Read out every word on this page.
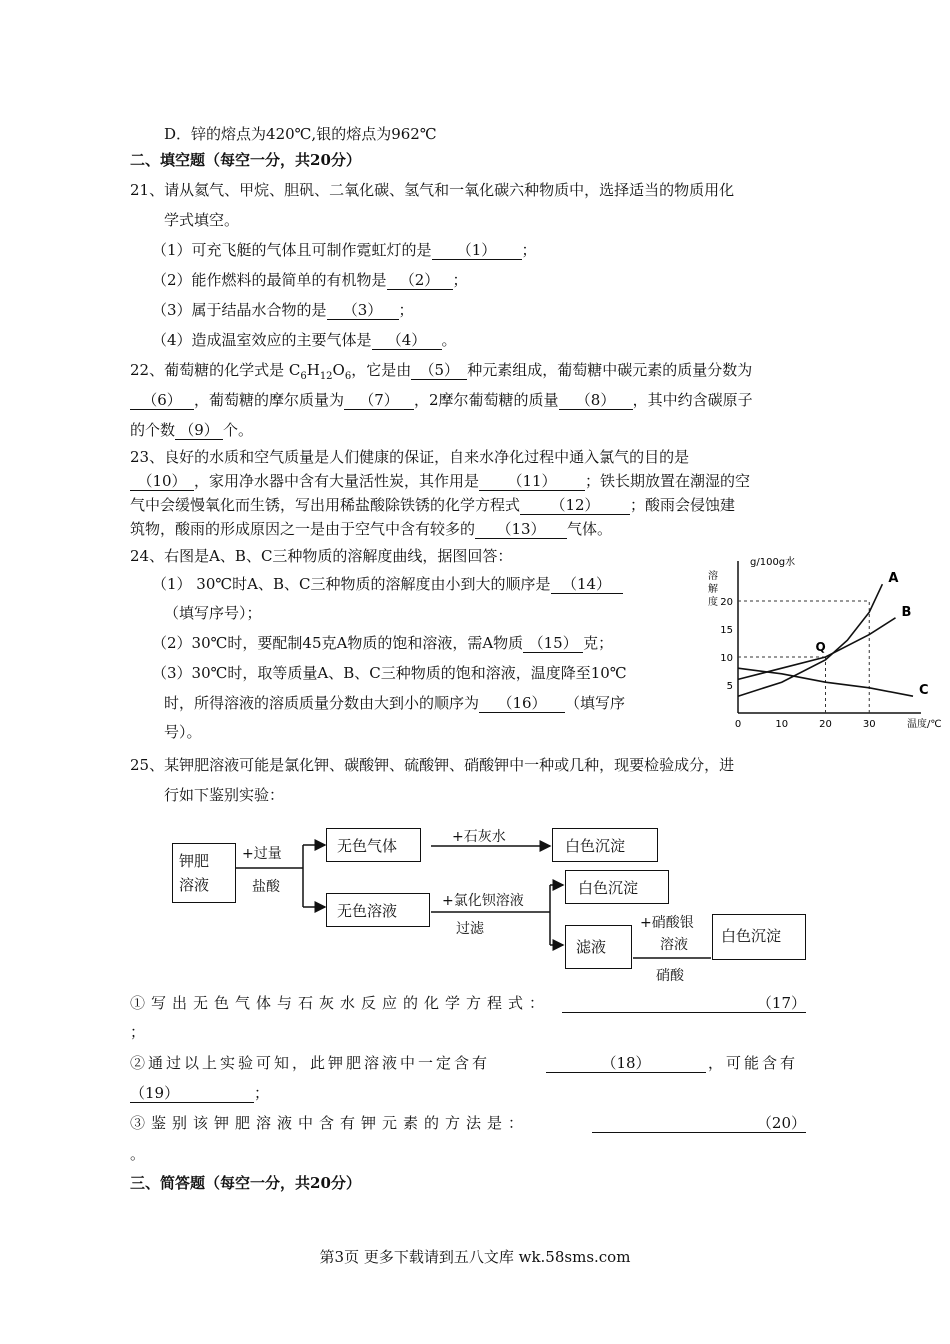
D．锌的熔点为420℃,银的熔点为962℃
二、填空题（每空一分，共20分）
21、请从氦气、甲烷、胆矾、二氧化碳、氢气和一氧化碳六种物质中，选择适当的物质用化
学式填空。
（1）可充飞艇的气体且可制作霓虹灯的是 （1） ；
（2）能作燃料的最简单的有机物是 （2） ；
（3）属于结晶水合物的是 （3） ；
（4）造成温室效应的主要气体是 （4） 。
22、葡萄糖的化学式是 $C_6H_{12}O_6$，它是由 （5） 种元素组成，葡萄糖中碳元素的质量分数为
（6） ，葡萄糖的摩尔质量为 （7） ，2摩尔葡萄糖的质量 （8） ，其中约含碳原子
的个数 （9） 个。
23、良好的水质和空气质量是人们健康的保证，自来水净化过程中通入氯气的目的是
（10） ，家用净水器中含有大量活性炭，其作用是 （11） ；铁长期放置在潮湿的空
气中会缓慢氧化而生锈，写出用稀盐酸除铁锈的化学方程式 （12） ；酸雨会侵蚀建
筑物，酸雨的形成原因之一是由于空气中含有较多的 （13） 气体。
24、右图是A、B、C三种物质的溶解度曲线，据图回答：
（1） 30℃时A、B、C三种物质的溶解度由小到大的顺序是 （14）
（填写序号）；
（2）30℃时，要配制45克A物质的饱和溶液，需A物质 （15） 克；
（3）30℃时，取等质量A、B、C三种物质的饱和溶液，温度降至10℃
时，所得溶液的溶质质量分数由大到小的顺序为 （16） （填写序
号）。	0	10	20	30
5
10
15
20
g/100g水
溶
解
度
温度/℃
A
B
C
Q
25、某钾肥溶液可能是氯化钾、碳酸钾、硫酸钾、硝酸钾中一种或几种，现要检验成分，进
行如下鉴别实验：
钾肥
溶液
+过量
盐酸
无色气体	+石灰水	白色沉淀
无色溶液
+氯化钡溶液
过滤
白色沉淀
滤液
+硝酸银
溶液
硝酸
白色沉淀
①写出无色气体与石灰水反应的化学方程式：	（17）
；
②通过以上实验可知，此钾肥溶液中一定含有	（18）	，可能含有
（19）	；
③鉴别该钾肥溶液中含有钾元素的方法是：	（20）
。
三、简答题（每空一分，共20分）
第3页 更多下载请到五八文库 wk.58sms.com
